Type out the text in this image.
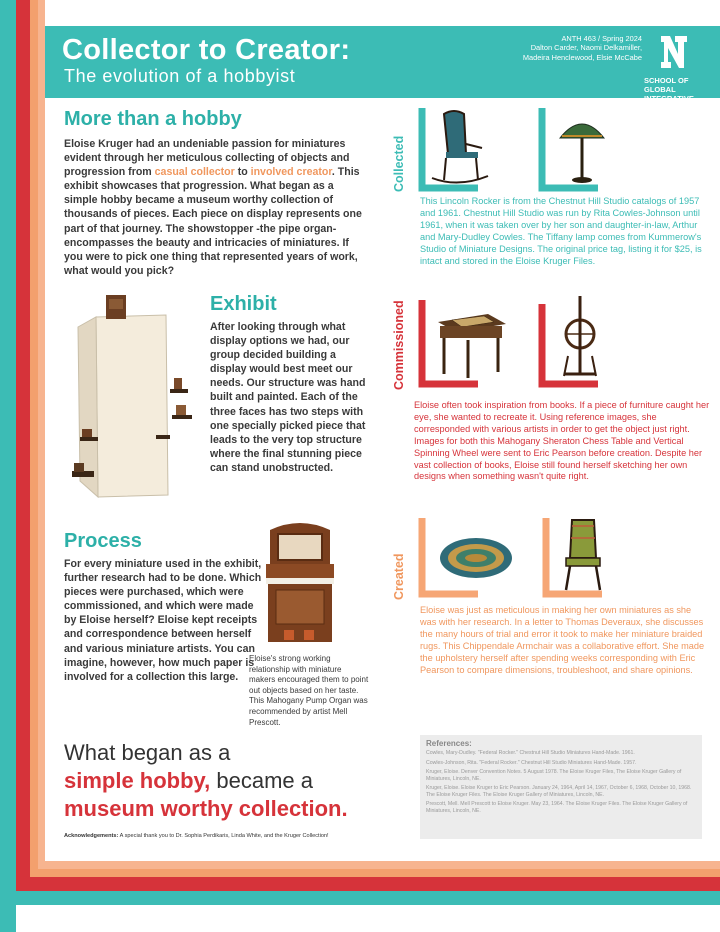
Collector to Creator:
The evolution of a hobbyist
ANTH 463 / Spring 2024
Dalton Carder, Naomi Delkamiller,
Madeira Henclewood, Elsie McCabe
SCHOOL OF GLOBAL
INTEGRATIVE STUDIES
More than a hobby
Eloise Kruger had an undeniable passion for miniatures evident through her meticulous collecting of objects and progression from casual collector to involved creator. This exhibit showcases that progression. What began as a simple hobby became a museum worthy collection of thousands of pieces. Each piece on display represents one part of that journey. The showstopper -the pipe organ- encompasses the beauty and intricacies of miniatures. If you were to pick one thing that represented years of work, what would you pick?
Exhibit
After looking through what display options we had, our group decided building a display would best meet our needs. Our structure was hand built and painted. Each of the three faces has two steps with one specially picked piece that leads to the very top structure where the final stunning piece can stand unobstructed.
Process
For every miniature used in the exhibit, further research had to be done. Which pieces were purchased, which were commissioned, and which were made by Eloise herself? Eloise kept receipts and correspondence between herself and various miniature artists. You can imagine, however, how much paper is involved for a collection this large.
Eloise's strong working relationship with miniature makers encouraged them to point out objects based on her taste. This Mahogany Pump Organ was recommended by artist Mell Prescott.
What began as a
simple hobby, became a
museum worthy collection.
Acknowledgements: A special thank you to Dr. Sophia Perdikaris, Linda White, and the Kruger Collection!
Collected
This Lincoln Rocker is from the Chestnut Hill Studio catalogs of 1957 and 1961. Chestnut Hill Studio was run by Rita Cowles-Johnson until 1961, when it was taken over by her son and daughter-in-law, Arthur and Mary-Dudley Cowles. The Tiffany lamp comes from Kummerow's Studio of Miniature Designs. The original price tag, listing it for $25, is intact and stored in the Eloise Kruger Files.
Commissioned
Eloise often took inspiration from books. If a piece of furniture caught her eye, she wanted to recreate it. Using reference images, she corresponded with various artists in order to get the object just right. Images for both this Mahogany Sheraton Chess Table and Vertical Spinning Wheel were sent to Eric Pearson before creation. Despite her vast collection of books, Eloise still found herself sketching her own designs when something wasn't quite right.
Created
Eloise was just as meticulous in making her own miniatures as she was with her research. In a letter to Thomas Deveraux, she discusses the many hours of trial and error it took to make her miniature braided rugs. This Chippendale Armchair was a collaborative effort. She made the upholstery herself after spending weeks corresponding with Eric Pearson to compare dimensions, troubleshoot, and share opinions.
References:
Cowles, Mary-Dudley. "Federal Rocker." Chestnut Hill Studio Miniatures Hand-Made. 1961.
Cowles-Johnson, Rita. "Federal Rocker." Chestnut Hill Studio Miniatures Hand-Made. 1957.
Kruger, Eloise. Denver Convention Notes. 5 August 1978. The Eloise Kruger Files, The Eloise Kruger Gallery of Miniatures, Lincoln, NE.
Kruger, Eloise. Eloise Kruger to Eric Pearson. January 24, 1964, April 14, 1967, October 6, 1968, October 10, 1968. The Eloise Kruger Files. The Eloise Kruger Gallery of Miniatures, Lincoln, NE.
Prescott, Mell. Mell Prescott to Eloise Kruger. May 23, 1964. The Eloise Kruger Files. The Eloise Kruger Gallery of Miniatures, Lincoln, NE.
